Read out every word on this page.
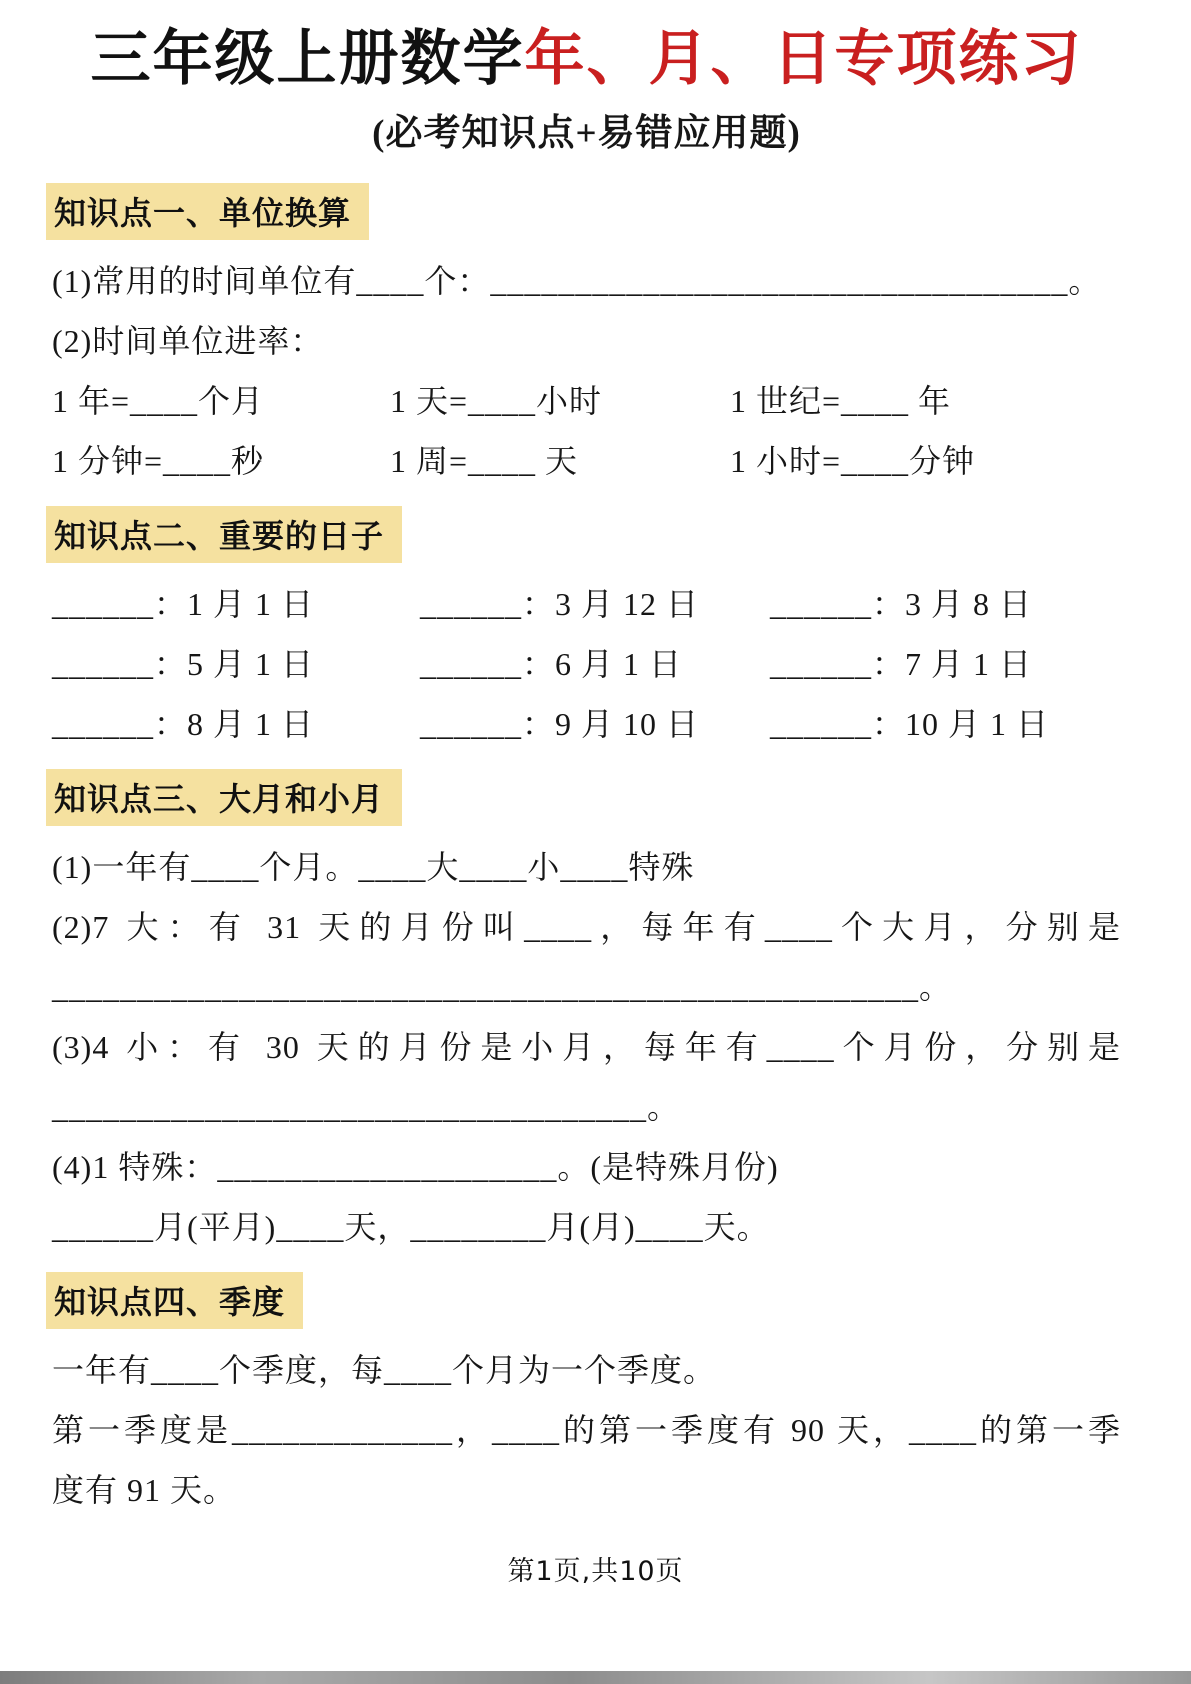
三年级上册数学年、月、日专项练习
(必考知识点+易错应用题)
知识点一、单位换算

(1)常用的时间单位有____个：__________________________________。

(2)时间单位进率：

1 年=____个月	1 天=____小时	1 世纪=____ 年
1 分钟=____秒	1 周=____ 天	1 小时=____分钟
知识点二、重要的日子
______：1 月 1 日	______：3 月 12 日	______：3 月 8 日
______：5 月 1 日	______：6 月 1 日	______：7 月 1 日
______：8 月 1 日	______：9 月 10 日	______：10 月 1 日
知识点三、大月和小月

(1)一年有____个月。____大____小____特殊

(2)7 大：有 31 天的月份叫____，每年有____个大月，分别是

___________________________________________________。

(3)4 小：有 30 天的月份是小月，每年有____个月份，分别是

___________________________________。

(4)1 特殊：____________________。(是特殊月份)

______月(平月)____天，________月(月)____天。

知识点四、季度

一年有____个季度，每____个月为一个季度。

第一季度是_____________，____的第一季度有 90 天，____的第一季

度有 91 天。

第1页,共10页
